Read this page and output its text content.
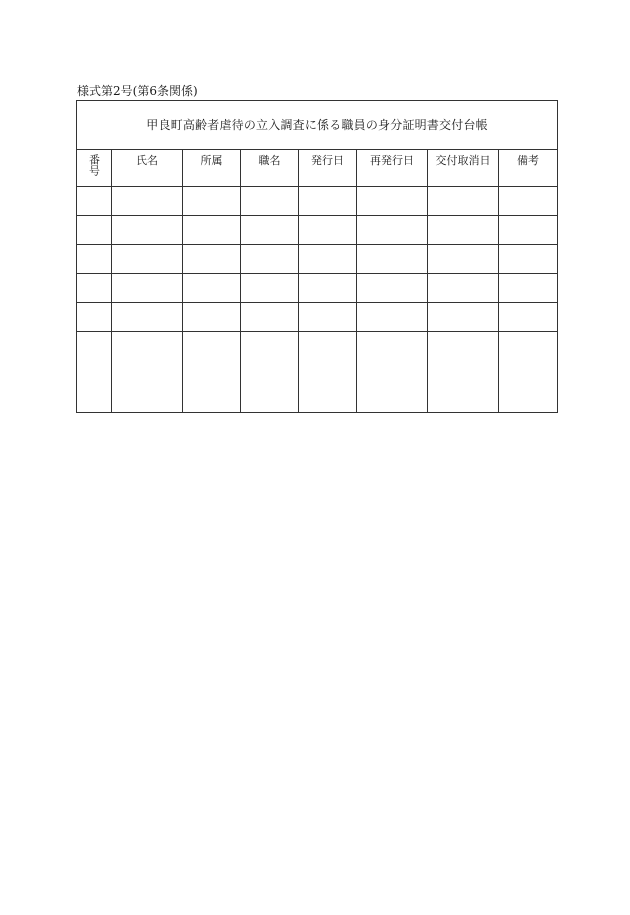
様式第2号(第6条関係)
甲良町高齢者虐待の立入調査に係る職員の身分証明書交付台帳							
番号	氏名	所属	職名	発行日	再発行日	交付取消日	備考
